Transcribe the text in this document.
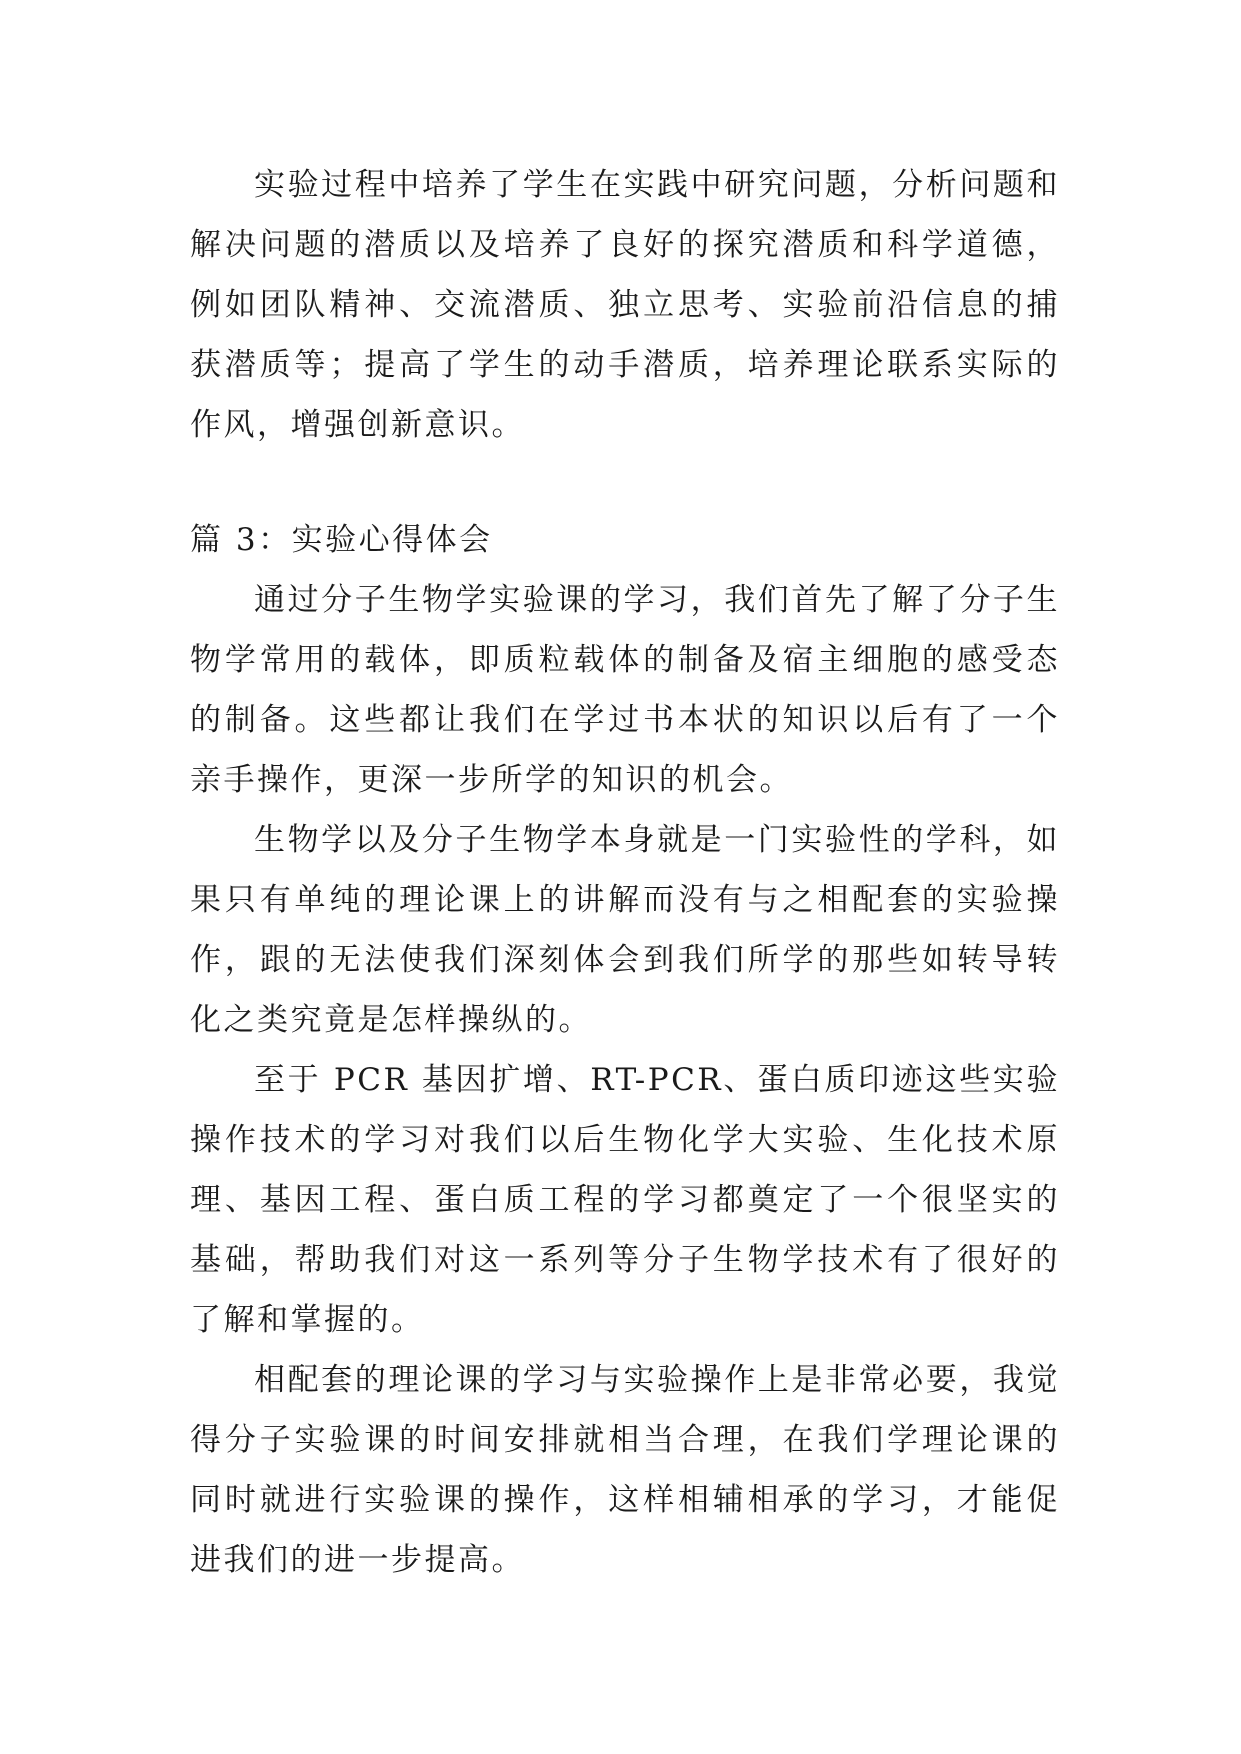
实验过程中培养了学生在实践中研究问题，分析问题和解决问题的潜质以及培养了良好的探究潜质和科学道德，例如团队精神、交流潜质、独立思考、实验前沿信息的捕获潜质等；提高了学生的动手潜质，培养理论联系实际的作风，增强创新意识。

篇 3：实验心得体会

通过分子生物学实验课的学习，我们首先了解了分子生物学常用的载体，即质粒载体的制备及宿主细胞的感受态的制备。这些都让我们在学过书本状的知识以后有了一个亲手操作，更深一步所学的知识的机会。

生物学以及分子生物学本身就是一门实验性的学科，如果只有单纯的理论课上的讲解而没有与之相配套的实验操作，跟的无法使我们深刻体会到我们所学的那些如转导转化之类究竟是怎样操纵的。

至于 PCR 基因扩增、RT-PCR、蛋白质印迹这些实验操作技术的学习对我们以后生物化学大实验、生化技术原理、基因工程、蛋白质工程的学习都奠定了一个很坚实的基础，帮助我们对这一系列等分子生物学技术有了很好的了解和掌握的。

相配套的理论课的学习与实验操作上是非常必要，我觉得分子实验课的时间安排就相当合理，在我们学理论课的同时就进行实验课的操作，这样相辅相承的学习，才能促进我们的进一步提高。
